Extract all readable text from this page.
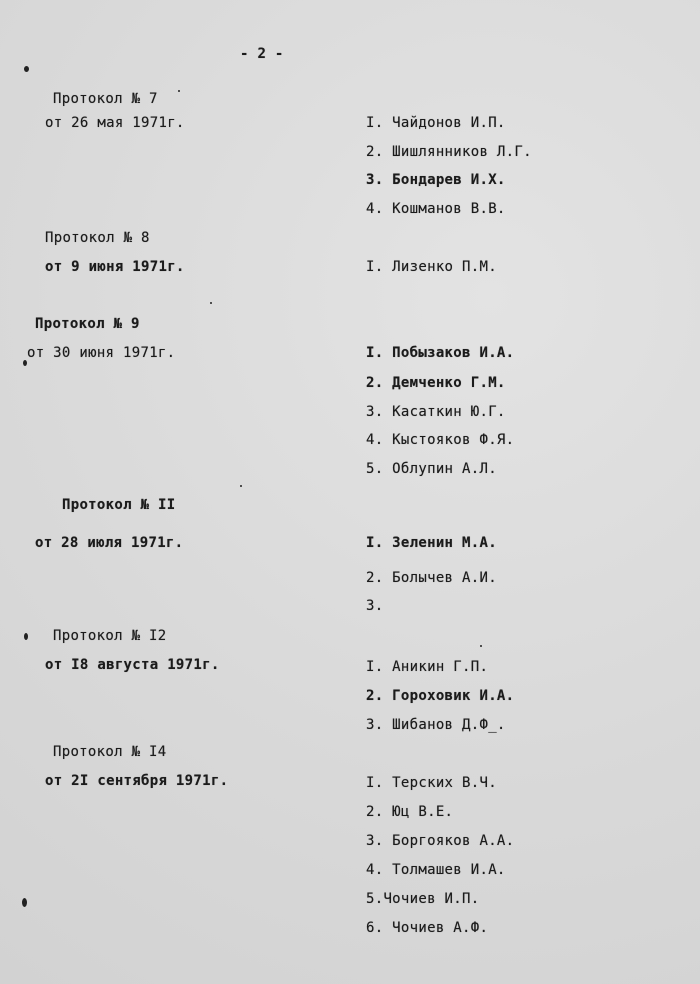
- 2 -
Протокол № 7
от 26 мая 1971г.	I. Чайдонов И.П.
2. Шишлянников Л.Г.
3. Бондарев И.Х.
4. Кошманов В.В.
Протокол № 8
от 9 июня 1971г.	I. Лизенко П.М.
Протокол № 9
от 30 июня 1971г.	I. Побызаков И.А.
2. Демченко Г.М.
3. Касаткин Ю.Г.
4. Кыстояков Ф.Я.
5. Облупин А.Л.
Протокол № II
от 28 июля 1971г.	I. Зеленин М.А.
2. Болычев А.И.
3.
Протокол № I2
от I8 августа 1971г.	I. Аникин Г.П.
2. Гороховик И.А.
3. Шибанов Д.Ф_.
Протокол № I4
от 2I сентября 1971г.	I. Терских В.Ч.
2. Юц В.Е.
3. Боргояков А.А.
4. Толмашев И.А.
5.Чочиев И.П.
6. Чочиев А.Ф.
